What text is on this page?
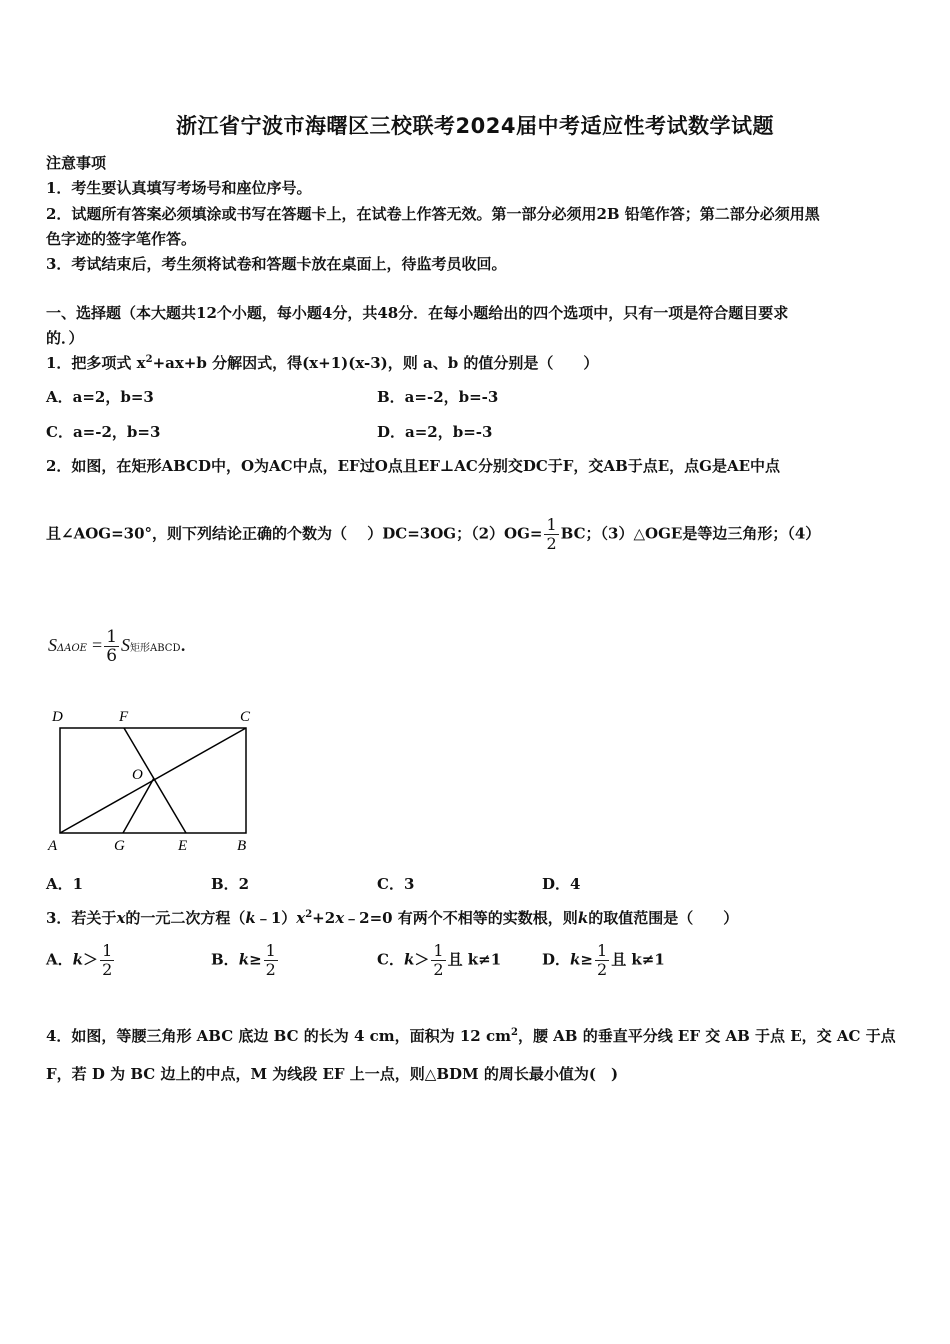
浙江省宁波市海曙区三校联考2024届中考适应性考试数学试题
注意事项
1．考生要认真填写考场号和座位序号。
2．试题所有答案必须填涂或书写在答题卡上，在试卷上作答无效。第一部分必须用2B 铅笔作答；第二部分必须用黑
色字迹的签字笔作答。
3．考试结束后，考生须将试卷和答题卡放在桌面上，待监考员收回。
一、选择题（本大题共12个小题，每小题4分，共48分．在每小题给出的四个选项中，只有一项是符合题目要求
的．）
1．把多项式 $x^2+ax+b$ 分解因式，得(x+1)(x-3)，则 a、b 的值分别是（　　）
A．a=2，b=3	B．a=-2，b=-3
C．a=-2，b=3	D．a=2，b=-3
2．如图，在矩形ABCD中，O为AC中点，EF过O点且EF⊥AC分别交DC于F，交AB于点E，点G是AE中点
且∠AOG=30°，则下列结论正确的个数为（　 ）DC=3OG；$(2)OG= \frac{1}{2}$ BC；（3）△OGE是等边三角形；（4）
$S\Delta AOE = \frac{1}{6}$ S矩形ABCD.
D	F	C
O
A	G	E	B
A．1	B．2	C．3	D．4
3．若关于x的一元二次方程$(k﹣1)x^2+2x﹣2=0$ 有两个不相等的实数根，则k的取值范围是（　　）
A．$k> \frac{1}{2}$	B．$k\ge \frac{1}{2}$	C．$k> \frac{1}{2}$ 且 k≠1	D．$k\ge \frac{1}{2}$ 且 k≠1
4．如图，等腰三角形 ABC 底边 BC 的长为 4 cm，面积为 12 $cm^2$，腰 AB 的垂直平分线 EF 交 AB 于点 E，交 AC 于点
F，若 D 为 BC 边上的中点，M 为线段 EF 上一点，则△BDM 的周长最小值为(　)
